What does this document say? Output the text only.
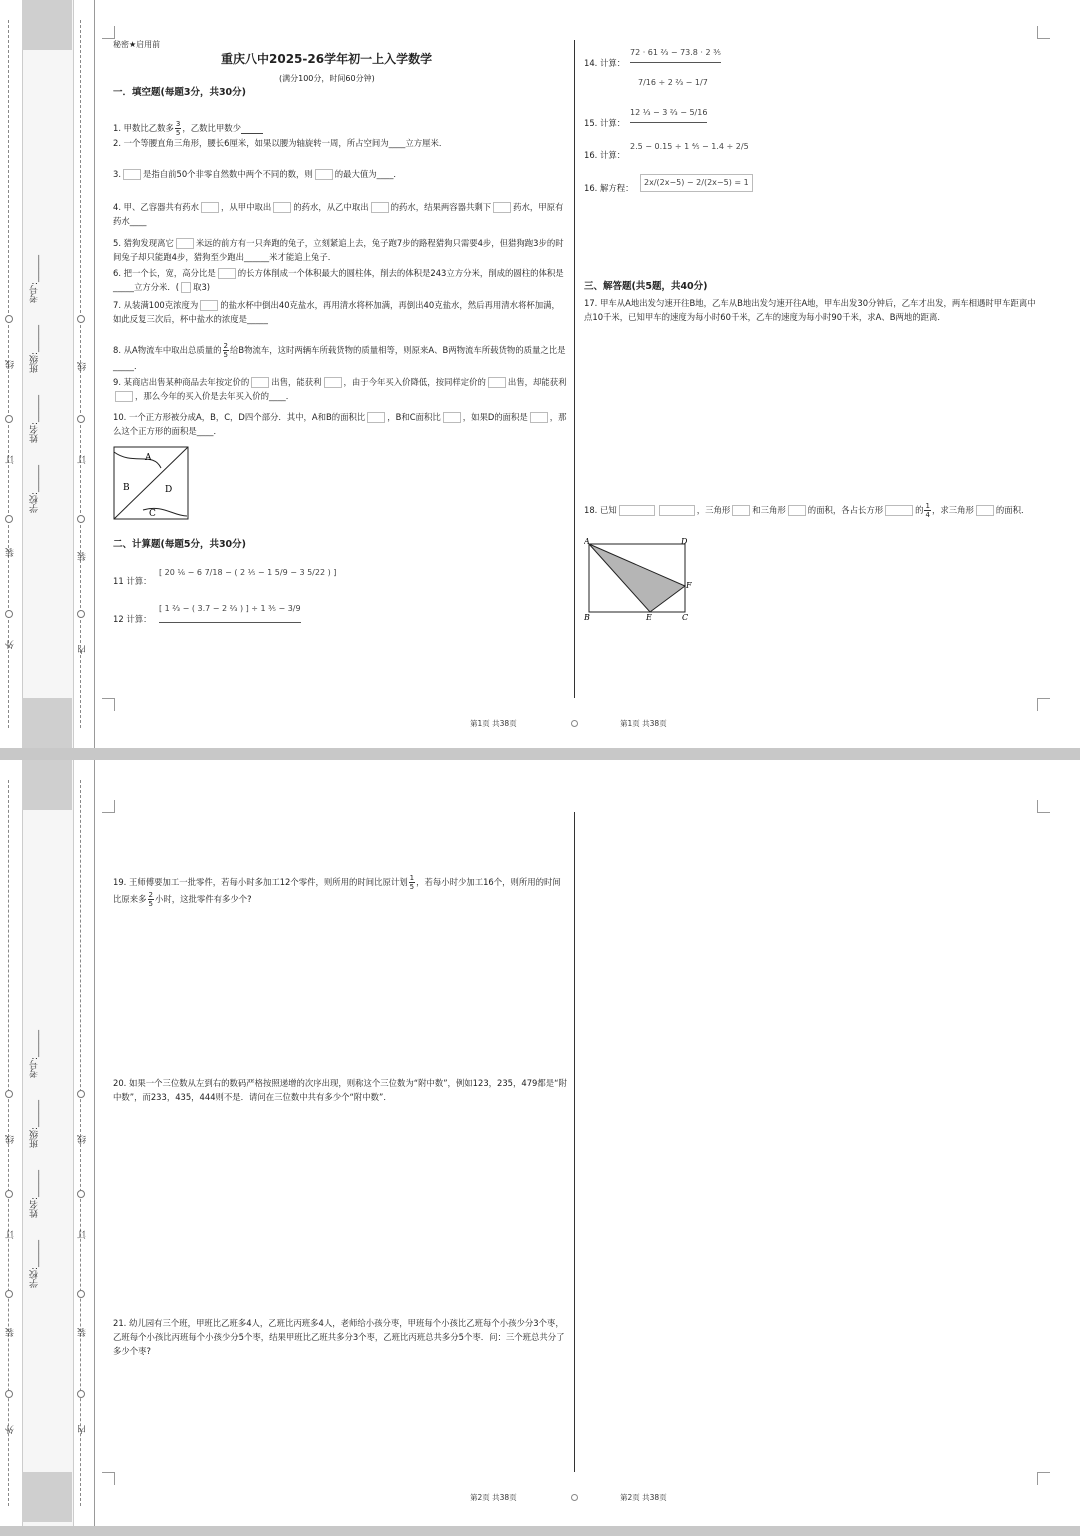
外
装
订
线
内
装
订
线
学校:______
姓名:______
班级:______
考号:______
秘密★启用前
重庆八中2025-26学年初一上入学数学
(满分100分，时间60分钟)
一．填空题(每题3分，共30分)
1. 甲数比乙数多 $\frac{3}{5}$ ，乙数比甲数少
2. 一个等腰直角三角形，腰长6厘米，如果以腰为轴旋转一周，所占空间为____立方厘米．
3.	是指自前50个非零自然数中两个不同的数，则	的最大值为____．
4. 甲、乙容器共有药水	，从甲中取出	的药水，从乙中取出	的药水，结果两容器共剩下	药水，甲原有药水____
5. 猎狗发现离它	米远的前方有一只奔跑的兔子，立刻紧追上去，兔子跑7步的路程猎狗只需要4步，但猎狗跑3步的时间兔子却只能跑4步，猎狗至少跑出______米才能追上兔子．
6. 把一个长，宽，高分比是	的长方体削成一个体积最大的圆柱体，削去的体积是243立方分米，削成的圆柱的体积是_____立方分米．( 取3)
7. 从装满100克浓度为	的盐水杯中倒出40克盐水，再用清水将杯加满，再倒出40克盐水，然后再用清水将杯加满，如此反复三次后，杯中盐水的浓度是_____
8. 从A物流车中取出总质量的 $\frac{2}{5}$ 给B物流车，这时两辆车所载货物的质量相等，则原来A、B两物流车所载货物的质量之比是_____．
9. 某商店出售某种商品去年按定价的	出售，能获利	，由于今年买入价降低，按同样定价的	出售，却能获利，那么今年的买入价是去年买入价的____．
10. 一个正方形被分成A，B，C，D四个部分．其中，A和B的面积比	，B和C面积比	，如果D的面积是	，那么这个正方形的面积是____．
A
B
C
D
二、计算题(每题5分，共30分)
11 计算：
[ 20 ⅙ − 6 7/18 − ( 2 ⅕ − 1 5/9 − 3 5/22 ) ]
12 计算：
[ 1 ⅔ − ( 3.7 − 2 ⅔ ) ] ÷ 1 ⅗ − 3/9
14. 计算：
72 · 61 ⅔ − 73.8 · 2 ⅗
7/16 ÷ 2 ⅔ − 1/7
15. 计算：
12 ⅓ − 3 ⅔ − 5/16
16. 计算：
2.5 − 0.15 ÷ 1 ⅘ − 1.4 ÷ 2/5
16. 解方程：
2x/(2x−5) − 2/(2x−5) = 1
三、解答题(共5题，共40分)
17. 甲车从A地出发匀速开往B地，乙车从B地出发匀速开往A地，甲车出发30分钟后，乙车才出发，两车相遇时甲车距离中点10千米，已知甲车的速度为每小时60千米，乙车的速度为每小时90千米，求A、B两地的距离．
18. 已知	，三角形	和三角形	的面积，各占长方形	的 $\frac{1}{4}$ ，求三角形	的面积．
A	D
F
B	E	C
第1页 共38页	第1页 共38页
外
装
订
线
内
装
订
线
学校:______
姓名:______
班级:______
考号:______
19. 王师傅要加工一批零件，若每小时多加工12个零件，则所用的时间比原计划 $\frac{1}{5}$ ，若每小时少加工16个，则所用的时间比原来多 $\frac{2}{5}$ 小时，这批零件有多少个?
20. 如果一个三位数从左到右的数码严格按照递增的次序出现，则称这个三位数为“附中数”，例如123，235，479都是“附中数”，而233，435，444则不是．请问在三位数中共有多少个“附中数”．
21. 幼儿园有三个班，甲班比乙班多4人，乙班比丙班多4人，老师给小孩分枣，甲班每个小孩比乙班每个小孩少分3个枣，乙班每个小孩比丙班每个小孩少分5个枣，结果甲班比乙班共多分3个枣，乙班比丙班总共多分5个枣．问：三个班总共分了多少个枣?
第2页 共38页	第2页 共38页
